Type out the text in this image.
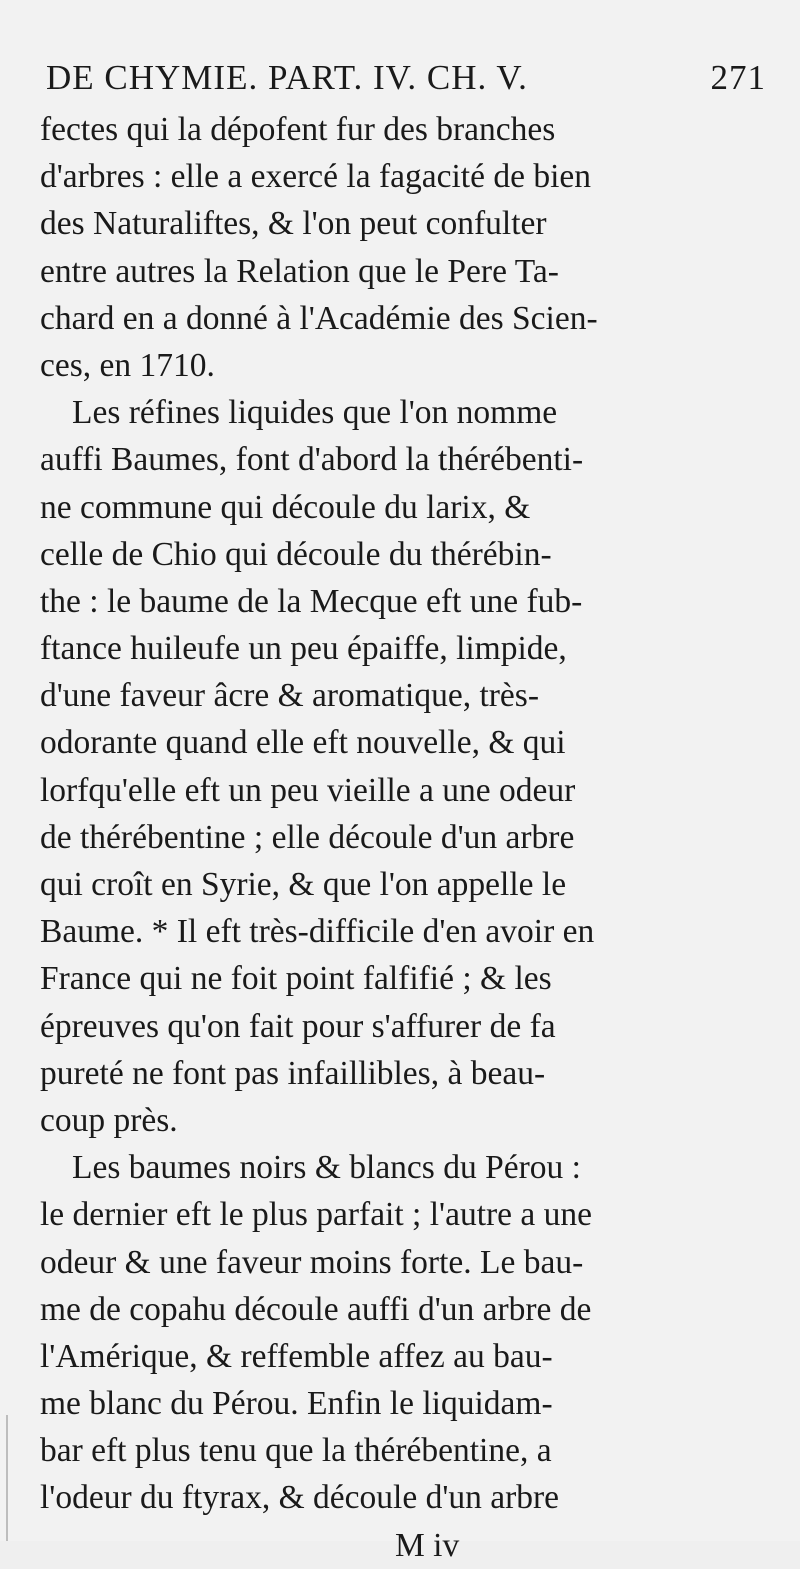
DE CHYMIE. PART. IV. CH. V.	271
fectes qui la dépofent fur des branches
d'arbres : elle a exercé la fagacité de bien
des Naturaliftes, & l'on peut confulter
entre autres la Relation que le Pere Ta-
chard en a donné à l'Académie des Scien-
ces, en 1710.
Les réfines liquides que l'on nomme
auffi Baumes, font d'abord la thérébenti-
ne commune qui découle du larix, &
celle de Chio qui découle du thérébin-
the : le baume de la Mecque eft une fub-
ftance huileufe un peu épaiffe, limpide,
d'une faveur âcre & aromatique, très-
odorante quand elle eft nouvelle, & qui
lorfqu'elle eft un peu vieille a une odeur
de thérébentine ; elle découle d'un arbre
qui croît en Syrie, & que l'on appelle le
Baume. * Il eft très-difficile d'en avoir en
France qui ne foit point falfifié ; & les
épreuves qu'on fait pour s'affurer de fa
pureté ne font pas infaillibles, à beau-
coup près.
Les baumes noirs & blancs du Pérou :
le dernier eft le plus parfait ; l'autre a une
odeur & une faveur moins forte. Le bau-
me de copahu découle auffi d'un arbre de
l'Amérique, & reffemble affez au bau-
me blanc du Pérou. Enfin le liquidam-
bar eft plus tenu que la thérébentine, a
l'odeur du ftyrax, & découle d'un arbre
M iv
